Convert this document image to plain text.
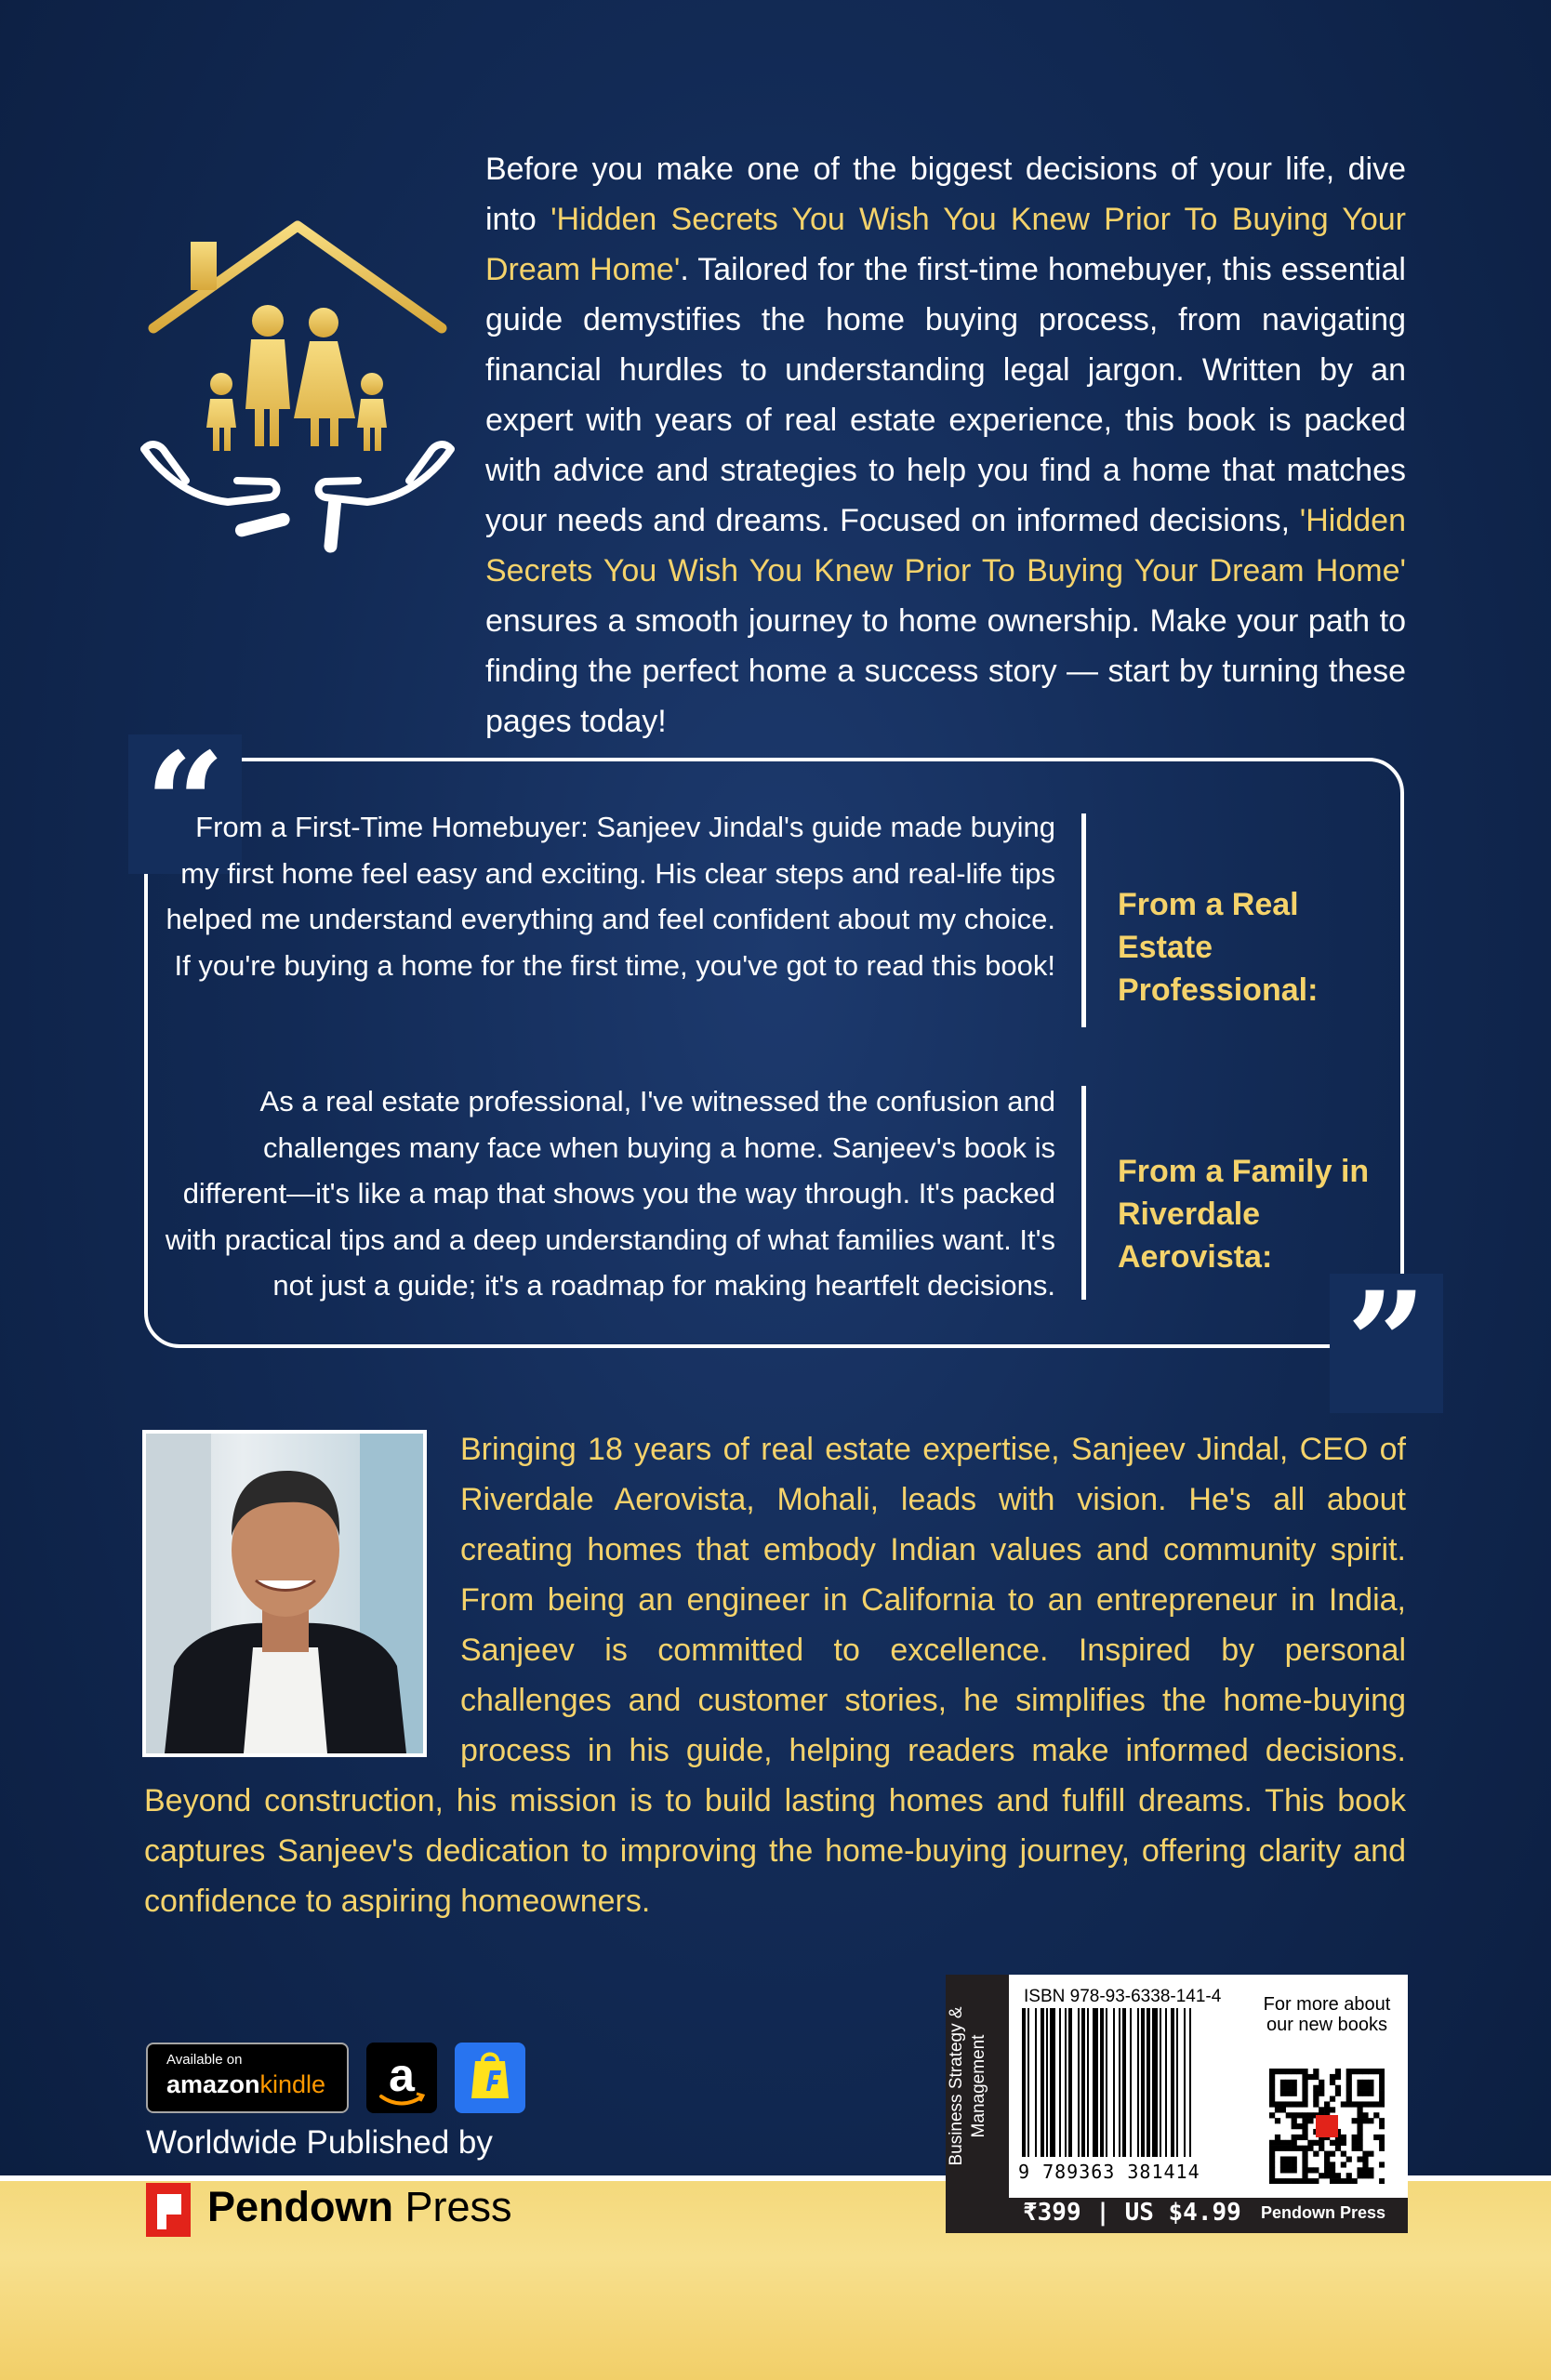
Before you make one of the biggest decisions of your life, dive into 'Hidden Secrets You Wish You Knew Prior To Buying Your Dream Home'. Tailored for the first-time homebuyer, this essential guide demystifies the home buying process, from navigating financial hurdles to understanding legal jargon. Written by an expert with years of real estate experience, this book is packed with advice and strategies to help you find a home that matches your needs and dreams. Focused on informed decisions, 'Hidden Secrets You Wish You Knew Prior To Buying Your Dream Home' ensures a smooth journey to home ownership. Make your path to finding the perfect home a success story — start by turning these pages today!
“
”
From a First-Time Homebuyer: Sanjeev Jindal's guide made buying my first home feel easy and exciting. His clear steps and real-life tips helped me understand everything and feel confident about my choice. If you're buying a home for the first time, you've got to read this book!
From a Real Estate Professional:
As a real estate professional, I've witnessed the confusion and challenges many face when buying a home. Sanjeev's book is different—it's like a map that shows you the way through. It's packed with practical tips and a deep understanding of what families want. It's not just a guide; it's a roadmap for making heartfelt decisions.
From a Family in Riverdale Aerovista:
Bringing 18 years of real estate expertise, Sanjeev Jindal, CEO of Riverdale Aerovista, Mohali, leads with vision. He's all about creating homes that embody Indian values and community spirit. From being an engineer in California to an entrepreneur in India, Sanjeev is committed to excellence. Inspired by personal challenges and customer stories, he simplifies the home-buying process in his guide, helping readers make informed decisions. Beyond construction, his mission is to build lasting homes and fulfill dreams. This book captures Sanjeev's dedication to improving the home-buying journey, offering clarity and confidence to aspiring homeowners.
Available on
amazonkindle a
Worldwide Published by
Pendown Press
Business Strategy & Management
ISBN 978-93-6338-141-4
9 789363 381414
For more about our new books
₹399 | US $4.99 Pendown Press
